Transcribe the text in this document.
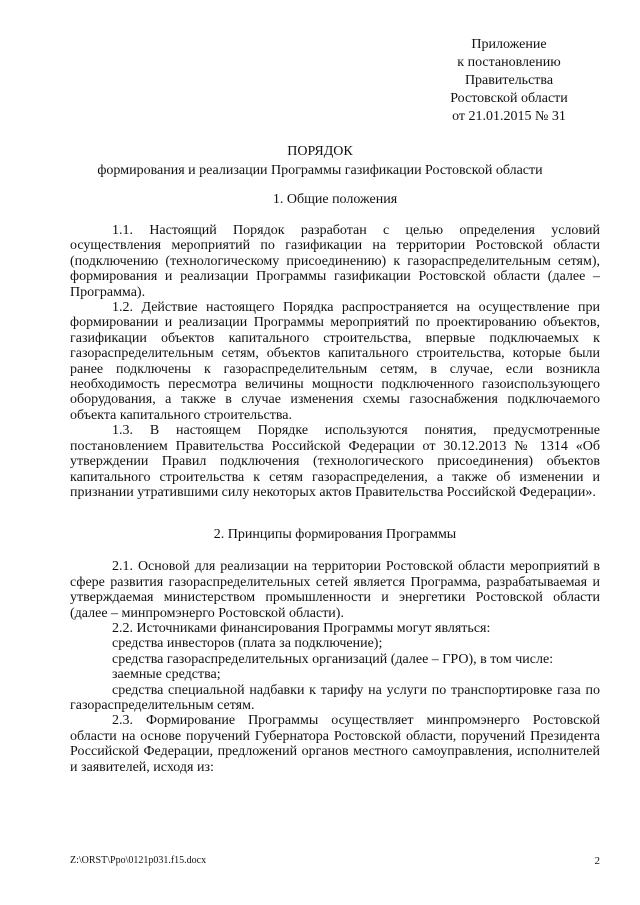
Приложение
к постановлению
Правительства
Ростовской области
от 21.01.2015 № 31
ПОРЯДОК
формирования и реализации Программы газификации Ростовской области
1. Общие положения

1.1. Настоящий Порядок разработан с целью определения условий осуществления мероприятий по газификации на территории Ростовской области (подключению (технологическому присоединению) к газораспределительным сетям), формирования и реализации Программы газификации Ростовской области (далее – Программа).

1.2. Действие настоящего Порядка распространяется на осуществление при формировании и реализации Программы мероприятий по проектированию объектов, газификации объектов капитального строительства, впервые подключаемых к газораспределительным сетям, объектов капитального строительства, которые были ранее подключены к газораспределительным сетям, в случае, если возникла необходимость пересмотра величины мощности подключенного газоиспользующего оборудования, а также в случае изменения схемы газоснабжения подключаемого объекта капитального строительства.

1.3. В настоящем Порядке используются понятия, предусмотренные постановлением Правительства Российской Федерации от 30.12.2013 № 1314 «Об утверждении Правил подключения (технологического присоединения) объектов капитального строительства к сетям газораспределения, а также об изменении и признании утратившими силу некоторых актов Правительства Российской Федерации».

2. Принципы формирования Программы

2.1. Основой для реализации на территории Ростовской области мероприятий в сфере развития газораспределительных сетей является Программа, разрабатываемая и утверждаемая министерством промышленности и энергетики Ростовской области (далее – минпромэнерго Ростовской области).

2.2. Источниками финансирования Программы могут являться:

средства инвесторов (плата за подключение);

средства газораспределительных организаций (далее – ГРО), в том числе:

заемные средства;

средства специальной надбавки к тарифу на услуги по транспортировке газа по газораспределительным сетям.

2.3. Формирование Программы осуществляет минпромэнерго Ростовской области на основе поручений Губернатора Ростовской области, поручений Президента Российской Федерации, предложений органов местного самоуправления, исполнителей и заявителей, исходя из:

Z:\ORST\Ppo\0121p031.f15.docx	2
